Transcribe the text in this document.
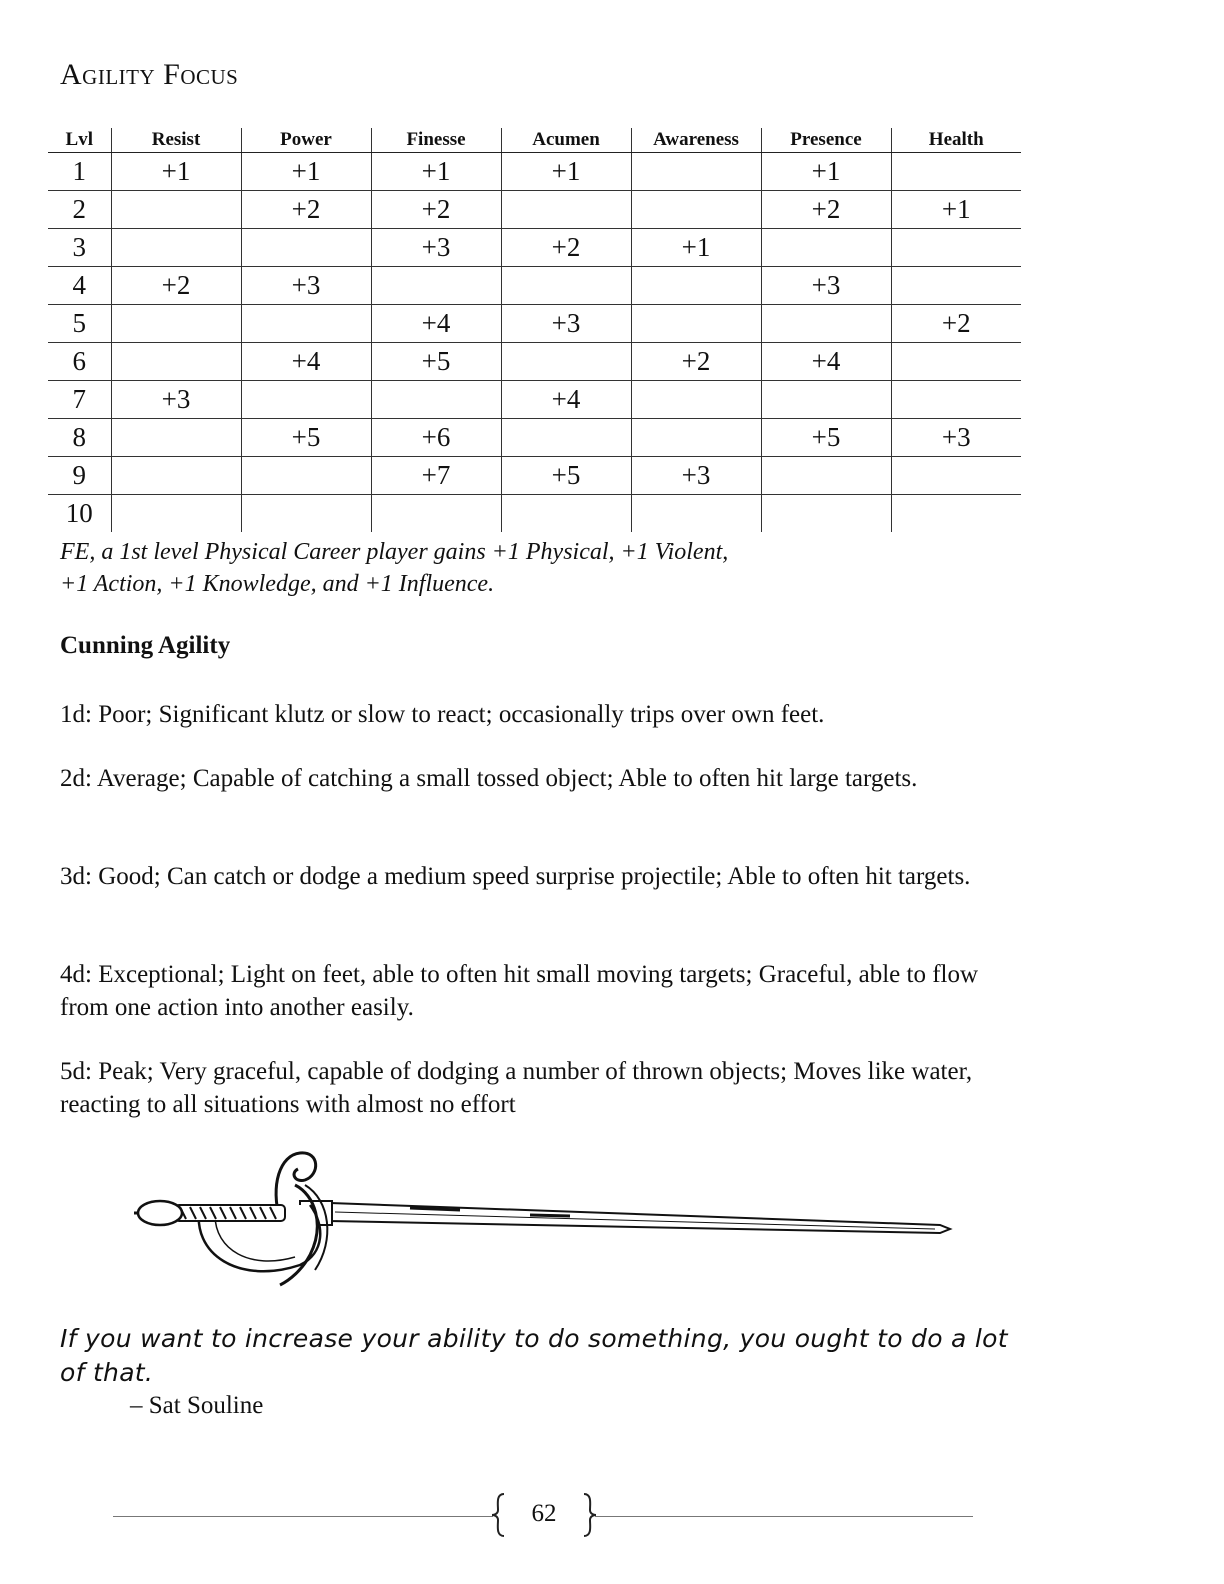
Agility Focus
Lvl	Resist	Power	Finesse	Acumen	Awareness	Presence	Health
1	+1	+1	+1	+1		+1	
2		+2	+2			+2	+1
3			+3	+2	+1		
4	+2	+3				+3	
5			+4	+3			+2
6		+4	+5		+2	+4	
7	+3			+4			
8		+5	+6			+5	+3
9			+7	+5	+3		
10							
FE, a 1st level Physical Career player gains +1 Physical, +1 Violent,
+1 Action, +1 Knowledge, and +1 Influence.
Cunning Agility
1d: Poor; Significant klutz or slow to react; occasionally trips over own feet.
2d: Average; Capable of catching a small tossed object; Able to often hit large targets.
3d: Good; Can catch or dodge a medium speed surprise projectile; Able to often hit targets.
4d: Exceptional; Light on feet, able to often hit small moving targets; Graceful, able to flow from one action into another easily.
5d: Peak; Very graceful, capable of dodging a number of thrown objects; Moves like water, reacting to all situations with almost no effort
If you want to increase your ability to do something, you ought to do a lot of that.
– Sat Souline
62
